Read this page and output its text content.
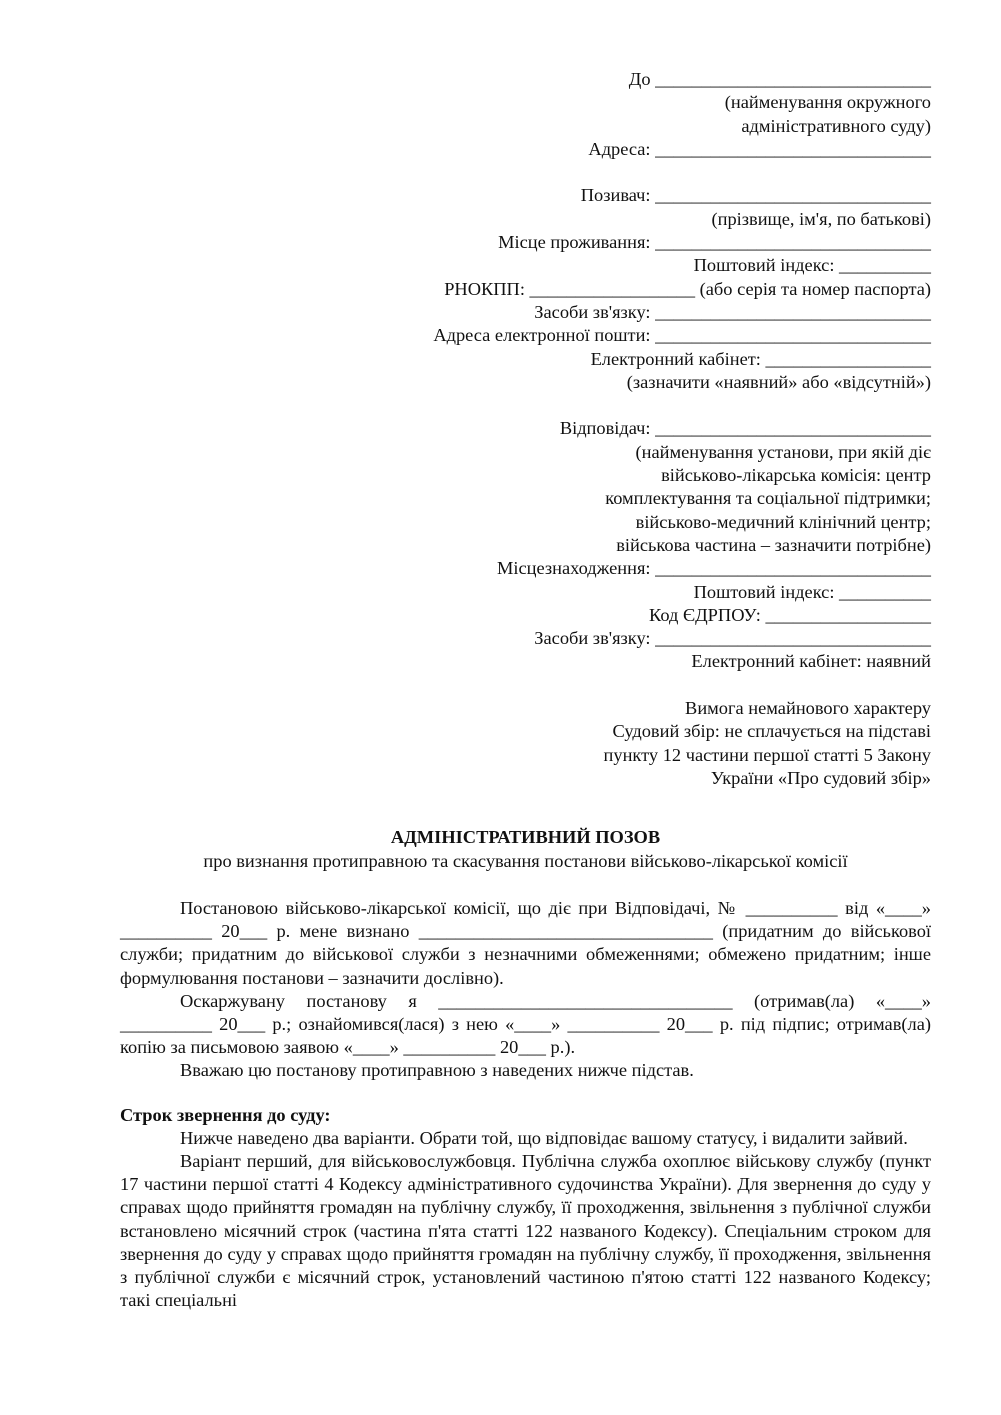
До ______________________________
(найменування окружного
адміністративного суду)
Адреса: ______________________________
Позивач: ______________________________
(прізвище, ім'я, по батькові)
Місце проживання: ______________________________
Поштовий індекс: __________
РНОКПП: __________________ (або серія та номер паспорта)
Засоби зв'язку: ______________________________
Адреса електронної пошти: ______________________________
Електронний кабінет: __________________
(зазначити «наявний» або «відсутній»)
Відповідач: ______________________________
(найменування установи, при якій діє
військово-лікарська комісія: центр
комплектування та соціальної підтримки;
військово-медичний клінічний центр;
військова частина – зазначити потрібне)
Місцезнаходження: ______________________________
Поштовий індекс: __________
Код ЄДРПОУ: __________________
Засоби зв'язку: ______________________________
Електронний кабінет: наявний
Вимога немайнового характеру
Судовий збір: не сплачується на підставі
пункту 12 частини першої статті 5 Закону
України «Про судовий збір»
АДМІНІСТРАТИВНИЙ ПОЗОВ
про визнання протиправною та скасування постанови військово-лікарської комісії

Постановою військово-лікарської комісії, що діє при Відповідачі, № __________ від «____» __________ 20___ р. мене визнано ________________________________ (придатним до військової служби; придатним до військової служби з незначними обмеженнями; обмежено придатним; інше формулювання постанови – зазначити дослівно).

Оскаржувану постанову я ________________________________ (отримав(ла) «____» __________ 20___ р.; ознайомився(лася) з нею «____» __________ 20___ р. під підпис; отримав(ла) копію за письмовою заявою «____» __________ 20___ р.).

Вважаю цю постанову протиправною з наведених нижче підстав.

Строк звернення до суду:

Нижче наведено два варіанти. Обрати той, що відповідає вашому статусу, і видалити зайвий.

Варіант перший, для військовослужбовця. Публічна служба охоплює військову службу (пункт 17 частини першої статті 4 Кодексу адміністративного судочинства України). Для звернення до суду у справах щодо прийняття громадян на публічну службу, її проходження, звільнення з публічної служби встановлено місячний строк (частина п'ята статті 122 названого Кодексу). Спеціальним строком для звернення до суду у справах щодо прийняття громадян на публічну службу, її проходження, звільнення з публічної служби є місячний строк, установлений частиною п'ятою статті 122 названого Кодексу; такі спеціальні
